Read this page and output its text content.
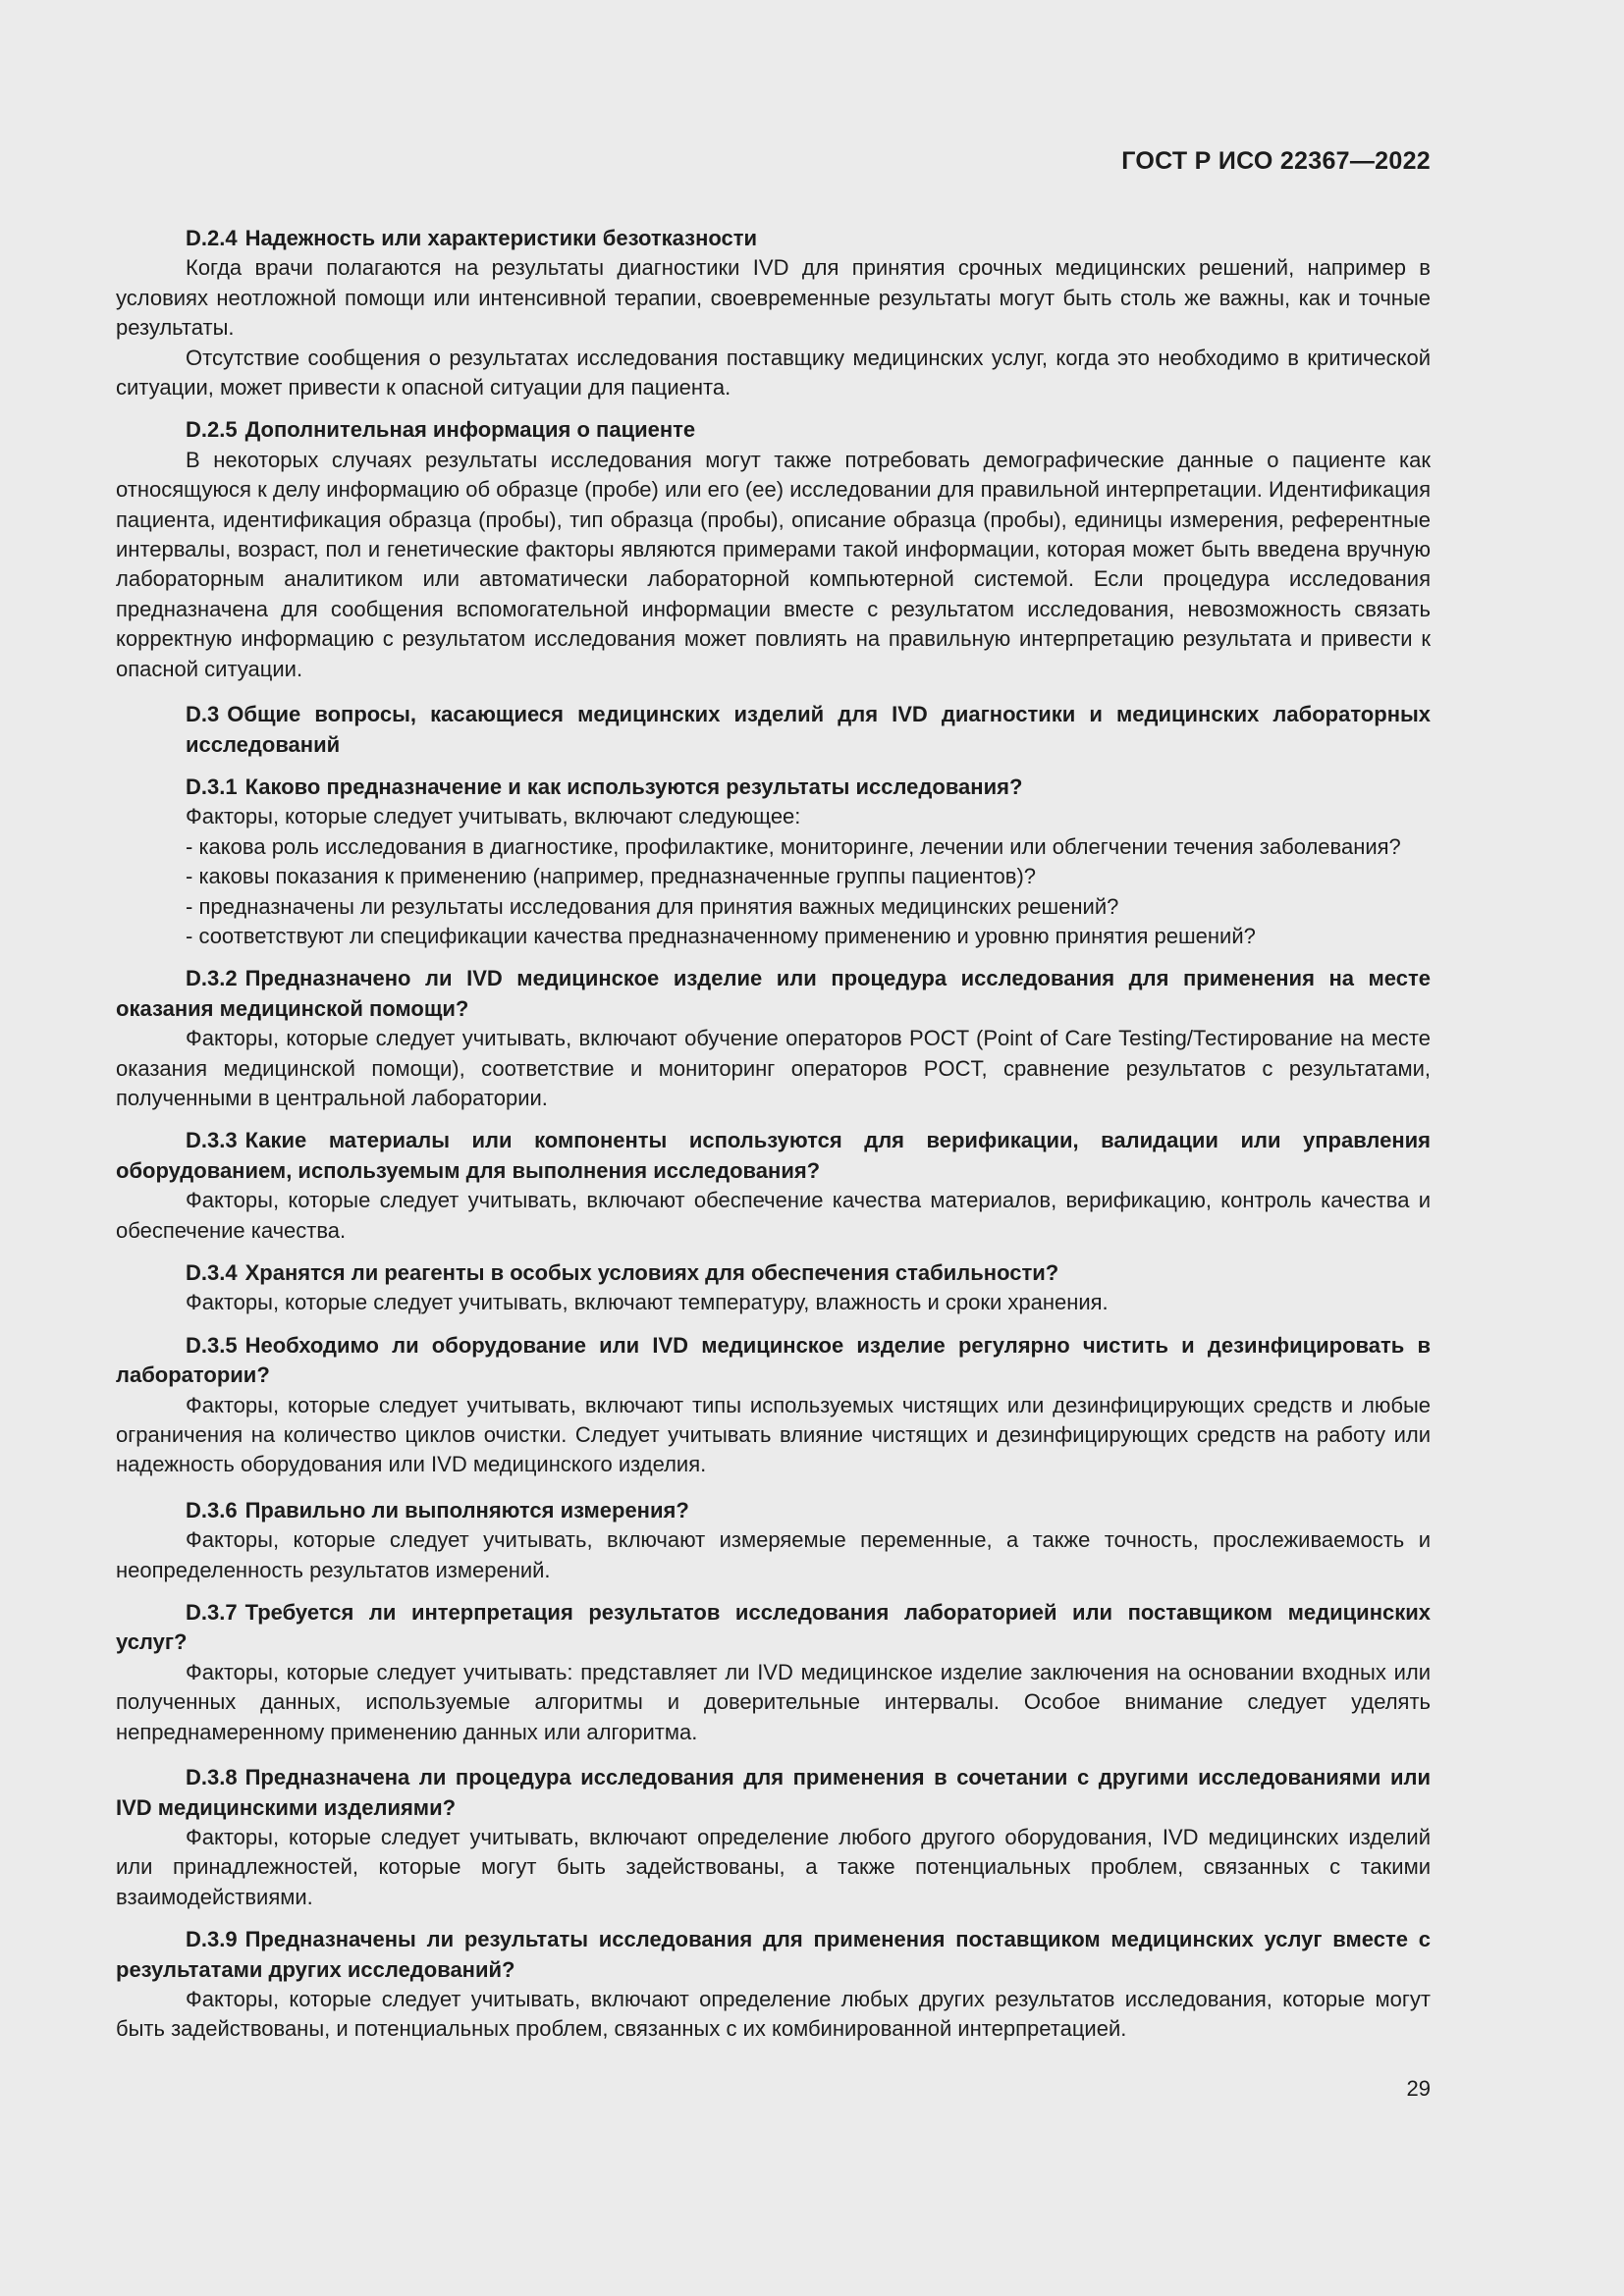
ГОСТ Р ИСО 22367—2022

D.2.4 Надежность или характеристики безотказности

Когда врачи полагаются на результаты диагностики IVD для принятия срочных медицинских решений, например в условиях неотложной помощи или интенсивной терапии, своевременные результаты могут быть столь же важны, как и точные результаты.

Отсутствие сообщения о результатах исследования поставщику медицинских услуг, когда это необходимо в критической ситуации, может привести к опасной ситуации для пациента.

D.2.5 Дополнительная информация о пациенте

В некоторых случаях результаты исследования могут также потребовать демографические данные о пациенте как относящуюся к делу информацию об образце (пробе) или его (ее) исследовании для правильной интерпретации. Идентификация пациента, идентификация образца (пробы), тип образца (пробы), описание образца (пробы), единицы измерения, референтные интервалы, возраст, пол и генетические факторы являются примерами такой информации, которая может быть введена вручную лабораторным аналитиком или автоматически лабораторной компьютерной системой. Если процедура исследования предназначена для сообщения вспомогательной информации вместе с результатом исследования, невозможность связать корректную информацию с результатом исследования может повлиять на правильную интерпретацию результата и привести к опасной ситуации.

D.3 Общие вопросы, касающиеся медицинских изделий для IVD диагностики и медицинских лабораторных исследований

D.3.1 Каково предназначение и как используются результаты исследования?

Факторы, которые следует учитывать, включают следующее:

- какова роль исследования в диагностике, профилактике, мониторинге, лечении или облегчении течения заболевания?

- каковы показания к применению (например, предназначенные группы пациентов)?

- предназначены ли результаты исследования для принятия важных медицинских решений?

- соответствуют ли спецификации качества предназначенному применению и уровню принятия решений?

D.3.2 Предназначено ли IVD медицинское изделие или процедура исследования для применения на месте оказания медицинской помощи?

Факторы, которые следует учитывать, включают обучение операторов POCT (Point of Care Testing/Тестирование на месте оказания медицинской помощи), соответствие и мониторинг операторов POCT, сравнение результатов с результатами, полученными в центральной лаборатории.

D.3.3 Какие материалы или компоненты используются для верификации, валидации или управления оборудованием, используемым для выполнения исследования?

Факторы, которые следует учитывать, включают обеспечение качества материалов, верификацию, контроль качества и обеспечение качества.

D.3.4 Хранятся ли реагенты в особых условиях для обеспечения стабильности?

Факторы, которые следует учитывать, включают температуру, влажность и сроки хранения.

D.3.5 Необходимо ли оборудование или IVD медицинское изделие регулярно чистить и дезинфицировать в лаборатории?

Факторы, которые следует учитывать, включают типы используемых чистящих или дезинфицирующих средств и любые ограничения на количество циклов очистки. Следует учитывать влияние чистящих и дезинфицирующих средств на работу или надежность оборудования или IVD медицинского изделия.

D.3.6 Правильно ли выполняются измерения?

Факторы, которые следует учитывать, включают измеряемые переменные, а также точность, прослеживаемость и неопределенность результатов измерений.

D.3.7 Требуется ли интерпретация результатов исследования лабораторией или поставщиком медицинских услуг?

Факторы, которые следует учитывать: представляет ли IVD медицинское изделие заключения на основании входных или полученных данных, используемые алгоритмы и доверительные интервалы. Особое внимание следует уделять непреднамеренному применению данных или алгоритма.

D.3.8 Предназначена ли процедура исследования для применения в сочетании с другими исследованиями или IVD медицинскими изделиями?

Факторы, которые следует учитывать, включают определение любого другого оборудования, IVD медицинских изделий или принадлежностей, которые могут быть задействованы, а также потенциальных проблем, связанных с такими взаимодействиями.

D.3.9 Предназначены ли результаты исследования для применения поставщиком медицинских услуг вместе с результатами других исследований?

Факторы, которые следует учитывать, включают определение любых других результатов исследования, которые могут быть задействованы, и потенциальных проблем, связанных с их комбинированной интерпретацией.

29
